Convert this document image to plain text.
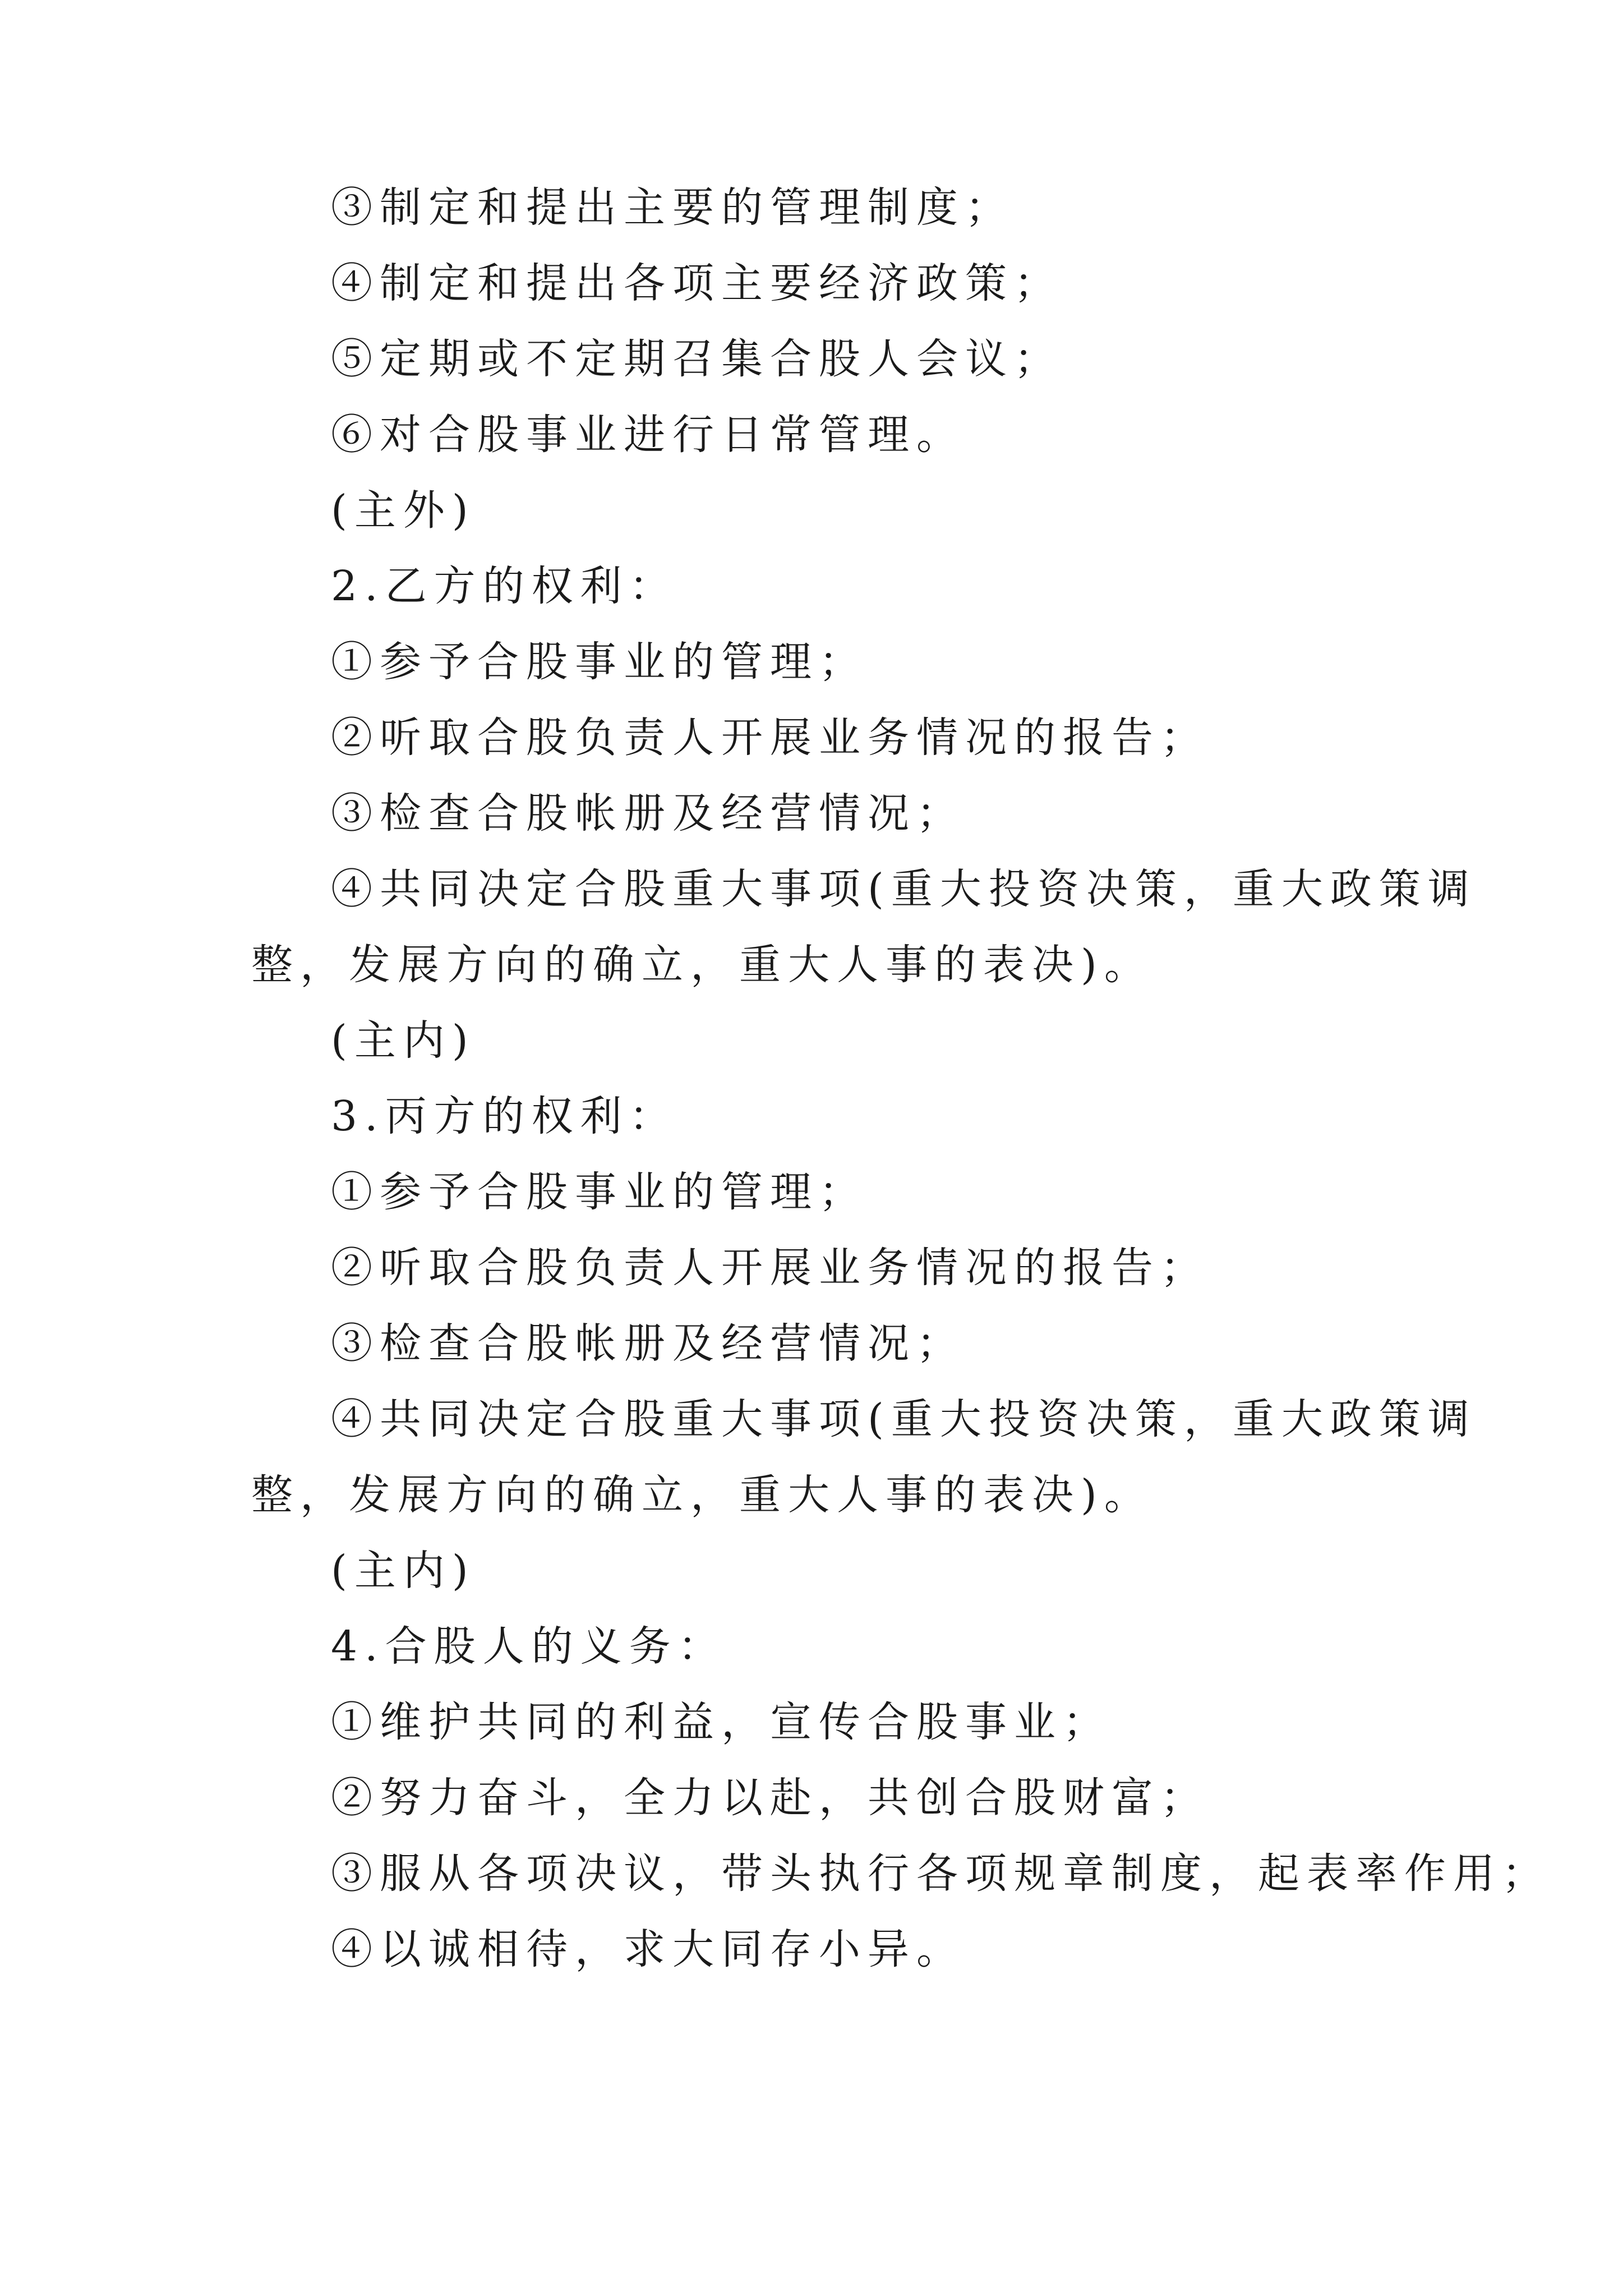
③制定和提出主要的管理制度；
④制定和提出各项主要经济政策；
⑤定期或不定期召集合股人会议；
⑥对合股事业进行日常管理。
(主外)
2.乙方的权利：
①参予合股事业的管理；
②听取合股负责人开展业务情况的报告；
③检查合股帐册及经营情况；
④共同决定合股重大事项(重大投资决策，重大政策调
整，发展方向的确立，重大人事的表决)。
(主内)
3.丙方的权利：
①参予合股事业的管理；
②听取合股负责人开展业务情况的报告；
③检查合股帐册及经营情况；
④共同决定合股重大事项(重大投资决策，重大政策调
整，发展方向的确立，重大人事的表决)。
(主内)
4.合股人的义务：
①维护共同的利益，宣传合股事业；
②努力奋斗，全力以赴，共创合股财富；
③服从各项决议，带头执行各项规章制度，起表率作用；
④以诚相待，求大同存小异。
